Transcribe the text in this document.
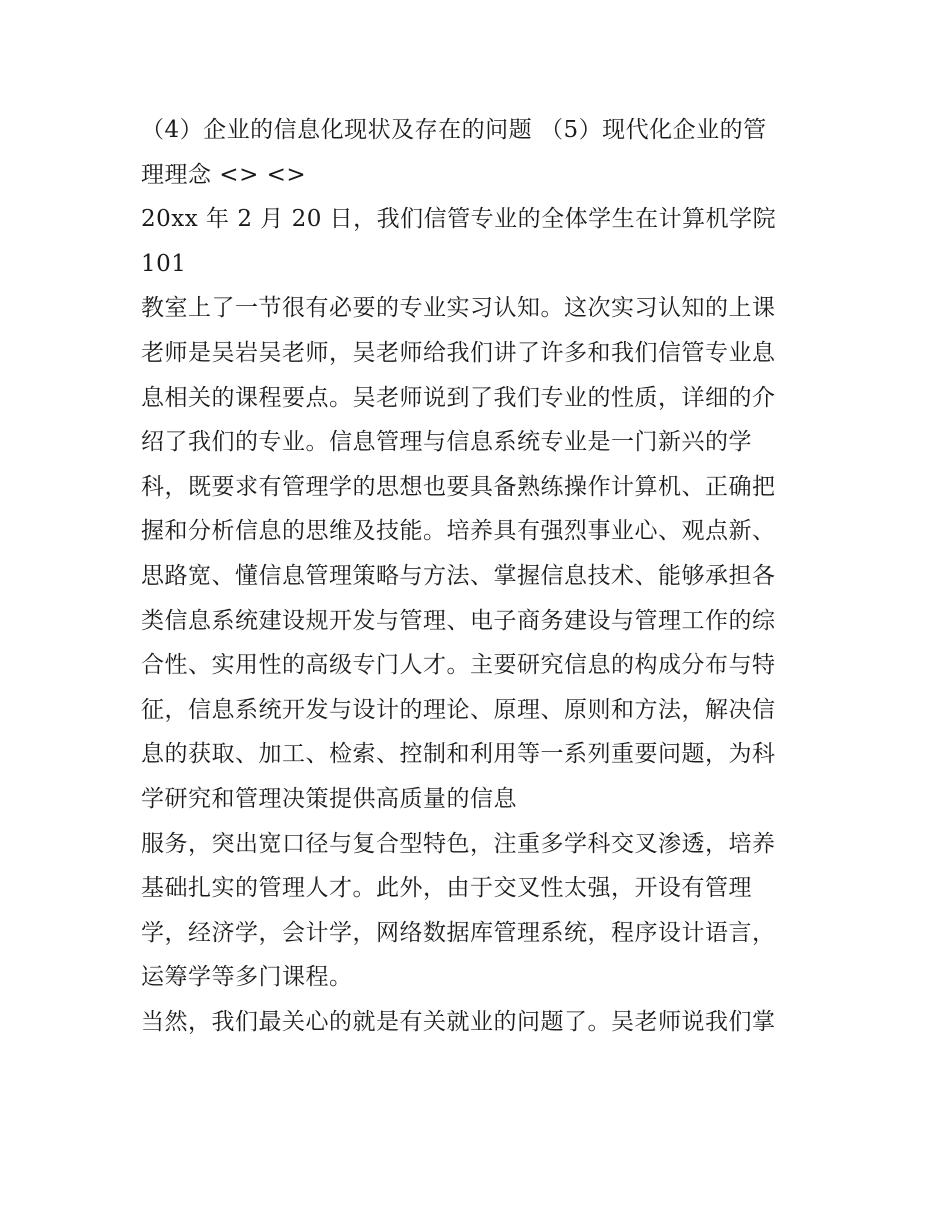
（4）企业的信息化现状及存在的问题 （5）现代化企业的管
理理念 <> <>

20xx 年 2 月 20 日，我们信管专业的全体学生在计算机学院 101
教室上了一节很有必要的专业实习认知。这次实习认知的上课
老师是吴岩吴老师，吴老师给我们讲了许多和我们信管专业息
息相关的课程要点。吴老师说到了我们专业的性质，详细的介
绍了我们的专业。信息管理与信息系统专业是一门新兴的学
科，既要求有管理学的思想也要具备熟练操作计算机、正确把
握和分析信息的思维及技能。培养具有强烈事业心、观点新、
思路宽、懂信息管理策略与方法、掌握信息技术、能够承担各
类信息系统建设规开发与管理、电子商务建设与管理工作的综
合性、实用性的高级专门人才。主要研究信息的构成分布与特
征，信息系统开发与设计的理论、原理、原则和方法，解决信
息的获取、加工、检索、控制和利用等一系列重要问题，为科
学研究和管理决策提供高质量的信息

服务，突出宽口径与复合型特色，注重多学科交叉渗透，培养
基础扎实的管理人才。此外，由于交叉性太强，开设有管理
学，经济学，会计学，网络数据库管理系统，程序设计语言，
运筹学等多门课程。

当然，我们最关心的就是有关就业的问题了。吴老师说我们掌
